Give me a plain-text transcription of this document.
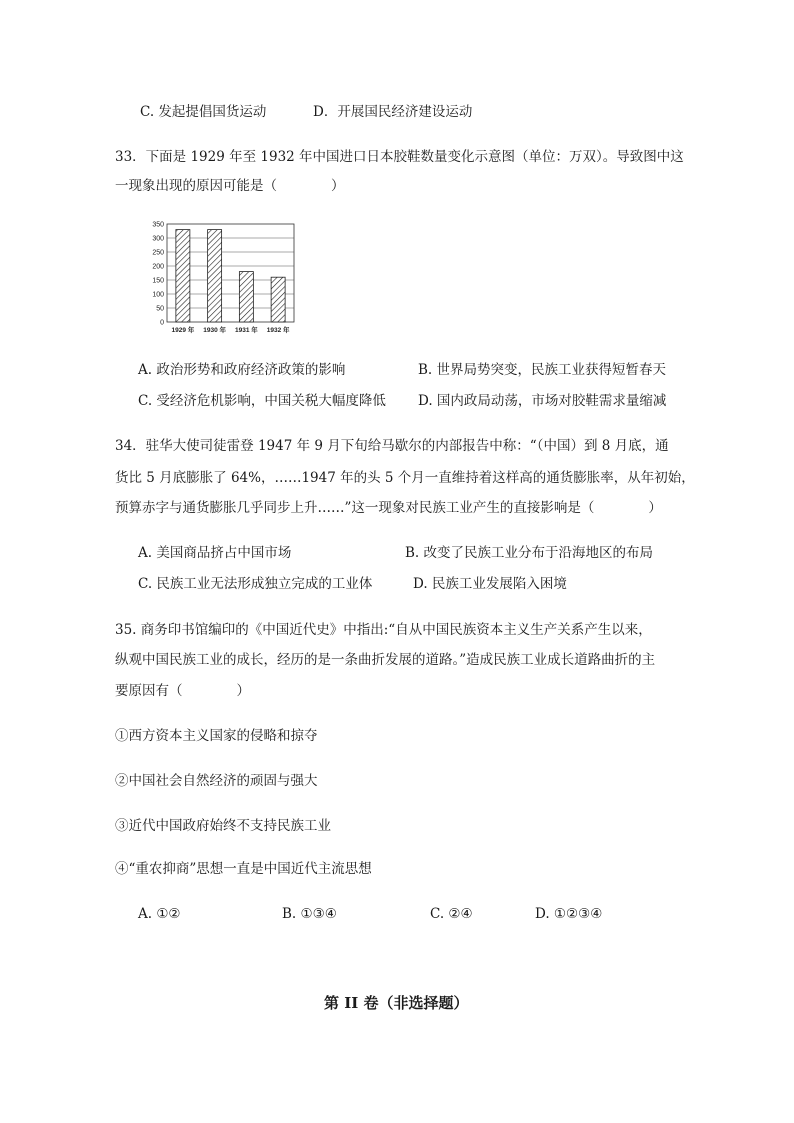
C. 发起提倡国货运动	D．开展国民经济建设运动
33．下面是 1929 年至 1932 年中国进口日本胶鞋数量变化示意图（单位：万双）。导致图中这
一现象出现的原因可能是（　　　　）
0
50
100
150
200
250
300
350
1929 年 1930 年 1931 年 1932 年
A. 政治形势和政府经济政策的影响	B. 世界局势突变，民族工业获得短暂春天
C. 受经济危机影响，中国关税大幅度降低 D. 国内政局动荡，市场对胶鞋需求量缩减
34．驻华大使司徒雷登 1947 年 9 月下旬给马歇尔的内部报告中称：“（中国）到 8 月底，通
货比 5 月底膨胀了 64%，……1947 年的头 5 个月一直维持着这样高的通货膨胀率，从年初始，
预算赤字与通货膨胀几乎同步上升……”这一现象对民族工业产生的直接影响是（　　　　）
A. 美国商品挤占中国市场	B. 改变了民族工业分布于沿海地区的布局
C. 民族工业无法形成独立完成的工业体	D. 民族工业发展陷入困境
35. 商务印书馆编印的《中国近代史》中指出:“自从中国民族资本主义生产关系产生以来，
纵观中国民族工业的成长，经历的是一条曲折发展的道路。”造成民族工业成长道路曲折的主
要原因有（　　　　）
①西方资本主义国家的侵略和掠夺
②中国社会自然经济的顽固与强大
③近代中国政府始终不支持民族工业
④“重农抑商”思想一直是中国近代主流思想
A. ①②	B. ①③④	C. ②④	D. ①②③④
第 II 卷（非选择题）
